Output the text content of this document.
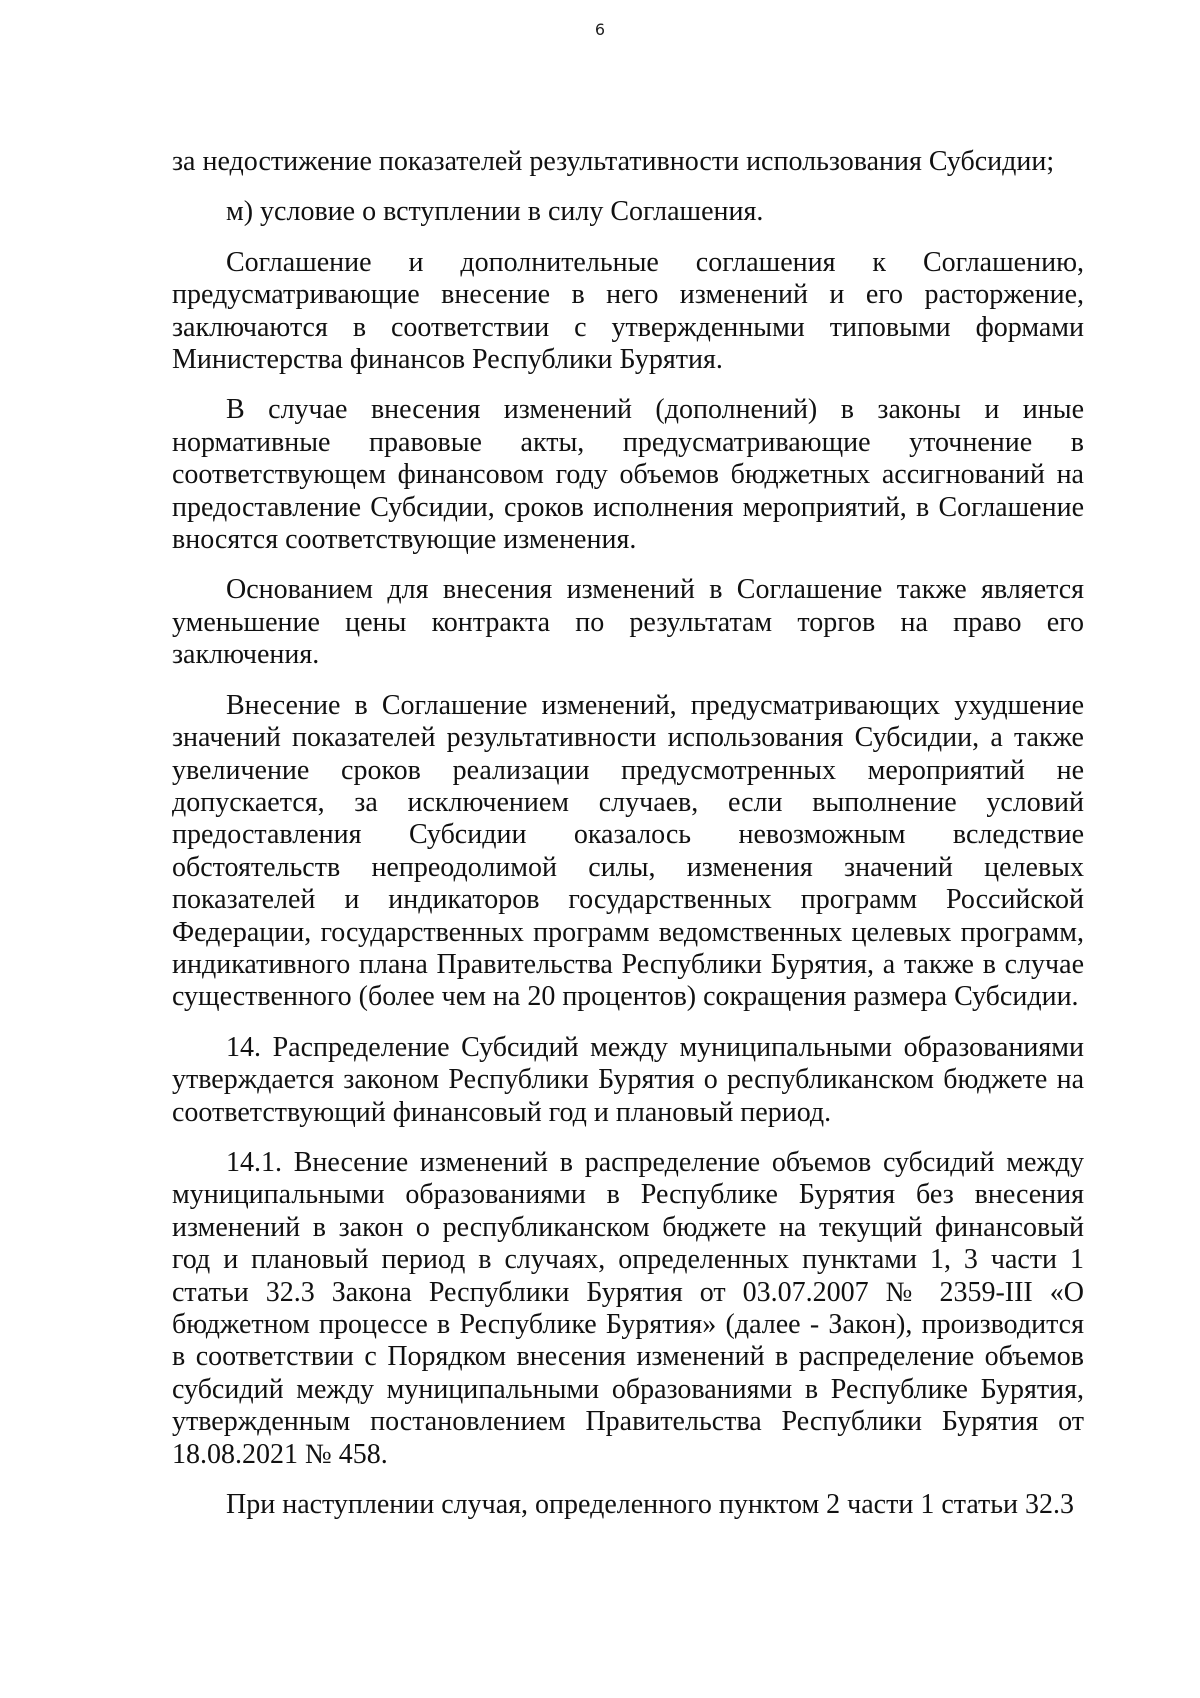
6

за недостижение показателей результативности использования Субсидии;

м) условие о вступлении в силу Соглашения.

Соглашение и дополнительные соглашения к Соглашению, предусматривающие внесение в него изменений и его расторжение, заключаются в соответствии с утвержденными типовыми формами Министерства финансов Республики Бурятия.

В случае внесения изменений (дополнений) в законы и иные нормативные правовые акты, предусматривающие уточнение в соответствующем финансовом году объемов бюджетных ассигнований на предоставление Субсидии, сроков исполнения мероприятий, в Соглашение вносятся соответствующие изменения.

Основанием для внесения изменений в Соглашение также является уменьшение цены контракта по результатам торгов на право его заключения.

Внесение в Соглашение изменений, предусматривающих ухудшение значений показателей результативности использования Субсидии, а также увеличение сроков реализации предусмотренных мероприятий не допускается, за исключением случаев, если выполнение условий предоставления Субсидии оказалось невозможным вследствие обстоятельств непреодолимой силы, изменения значений целевых показателей и индикаторов государственных программ Российской Федерации, государственных программ ведомственных целевых программ, индикативного плана Правительства Республики Бурятия, а также в случае существенного (более чем на 20 процентов) сокращения размера Субсидии.

14. Распределение Субсидий между муниципальными образованиями утверждается законом Республики Бурятия о республиканском бюджете на соответствующий финансовый год и плановый период.

14.1. Внесение изменений в распределение объемов субсидий между муниципальными образованиями в Республике Бурятия без внесения изменений в закон о республиканском бюджете на текущий финансовый год и плановый период в случаях, определенных пунктами 1, 3 части 1 статьи 32.3 Закона Республики Бурятия от 03.07.2007 № 2359-III «О бюджетном процессе в Республике Бурятия» (далее - Закон), производится в соответствии с Порядком внесения изменений в распределение объемов субсидий между муниципальными образованиями в Республике Бурятия, утвержденным постановлением Правительства Республики Бурятия от 18.08.2021 № 458.

При наступлении случая, определенного пунктом 2 части 1 статьи 32.3
